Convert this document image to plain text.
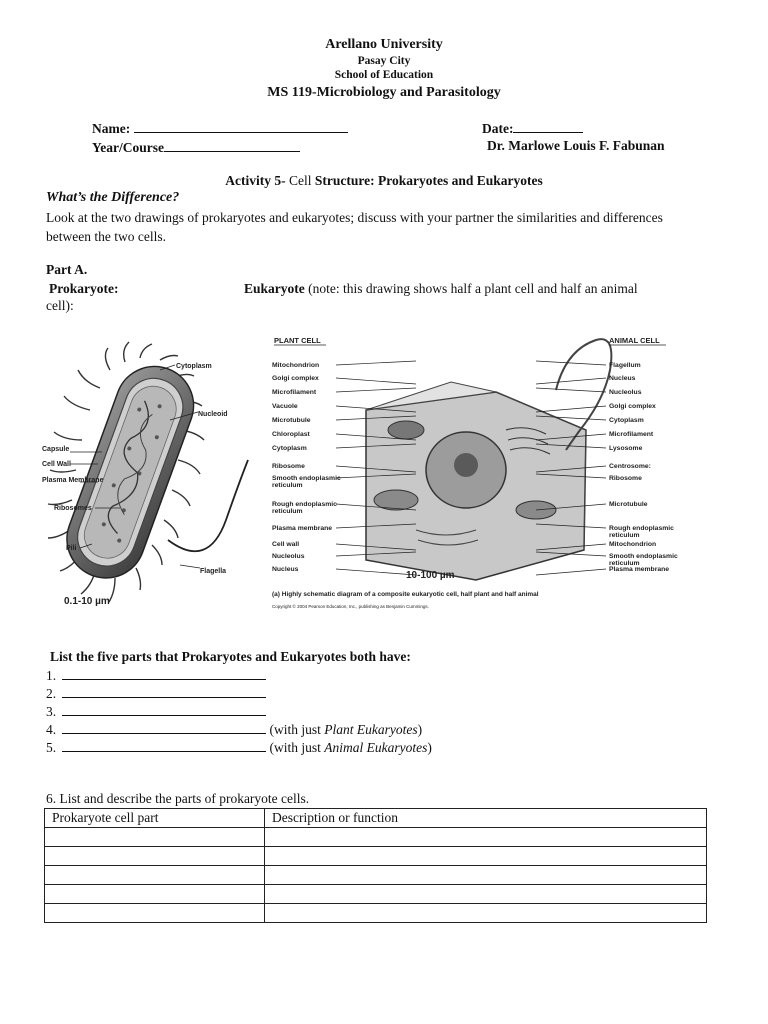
Arellano University
Pasay City
School of Education
MS 119-Microbiology and Parasitology
Name:	Date:
Year/Course	Dr. Marlowe Louis F. Fabunan
Activity 5- Cell Structure: Prokaryotes and Eukaryotes
What’s the Difference?
Look at the two drawings of prokaryotes and eukaryotes; discuss with your partner the similarities and differences between the two cells.
Part A.
Prokaryote:	Eukaryote (note: this drawing shows half a plant cell and half an animal
cell):
Cytoplasm
Nucleoid
Capsule
Cell Wall
Plasma Membrane
Ribosomes
Pili
Flagella
0.1-10 µm
PLANT CELL	ANIMAL CELL
Mitochondrion
Golgi complex
Microfilament
Vacuole
Microtubule
Chloroplast
Cytoplasm
Ribosome
Smooth endoplasmic reticulum
Rough endoplasmic reticulum
Plasma membrane
Cell wall
Nucleolus
Nucleus
Flagellum
Nucleus
Nucleolus
Golgi complex
Cytoplasm
Microfilament
Lysosome
Centrosome:
Ribosome
Microtubule
Rough endoplasmic reticulum
Mitochondrion
Smooth endoplasmic reticulum
Plasma membrane
10-100 µm
(a) Highly schematic diagram of a composite eukaryotic cell, half plant and half animal
Copyright © 2004 Pearson Education, Inc., publishing as Benjamin Cummings.
List the five parts that Prokaryotes and Eukaryotes both have:
1.
2.
3.
4.	(with just Plant Eukaryotes)
5.	(with just Animal Eukaryotes)
6. List and describe the parts of prokaryote cells.
Prokaryote cell part	Description or function
